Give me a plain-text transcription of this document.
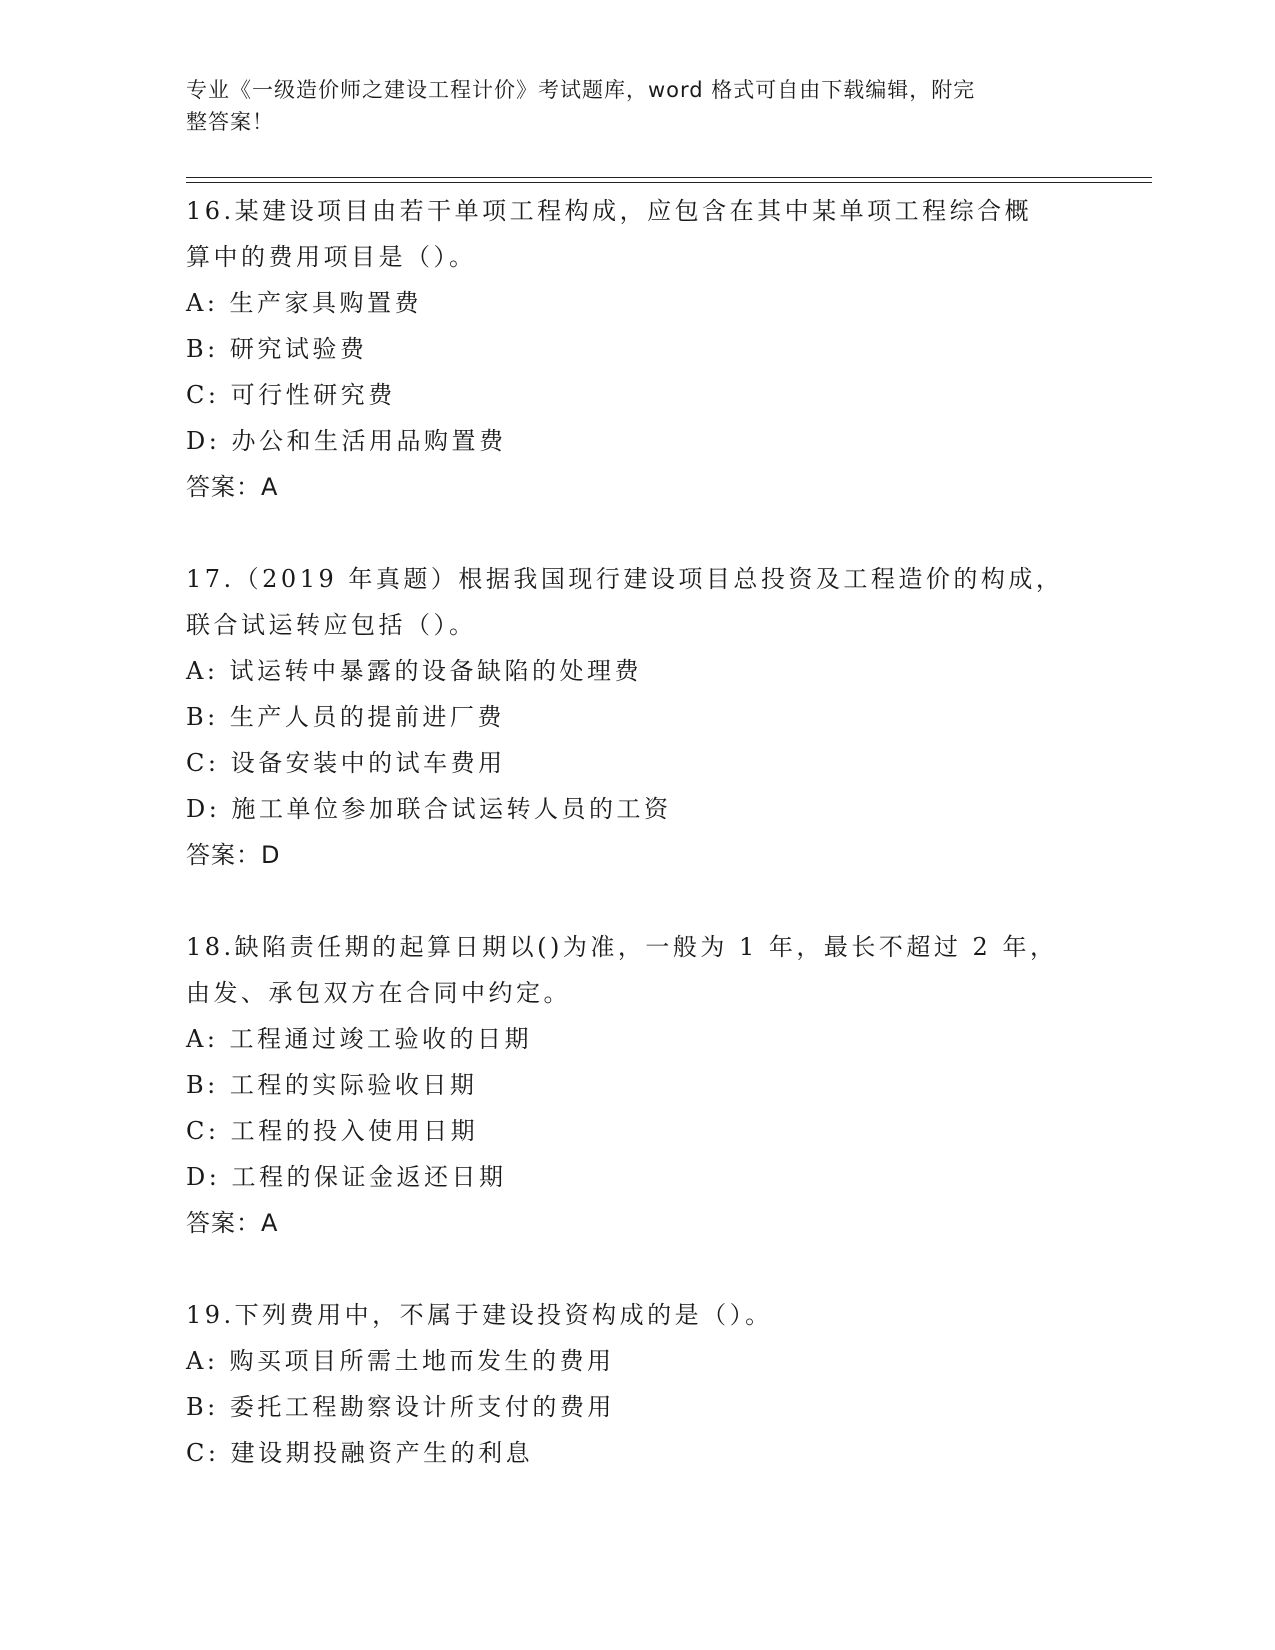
专业《一级造价师之建设工程计价》考试题库，word 格式可自由下载编辑，附完
整答案！
16.某建设项目由若干单项工程构成，应包含在其中某单项工程综合概
算中的费用项目是（）。
A: 生产家具购置费
B: 研究试验费
C: 可行性研究费
D: 办公和生活用品购置费
答案：A
17.（2019 年真题）根据我国现行建设项目总投资及工程造价的构成，
联合试运转应包括（）。
A: 试运转中暴露的设备缺陷的处理费
B: 生产人员的提前进厂费
C: 设备安装中的试车费用
D: 施工单位参加联合试运转人员的工资
答案：D
18.缺陷责任期的起算日期以()为准，一般为 1 年，最长不超过 2 年，
由发、承包双方在合同中约定。
A: 工程通过竣工验收的日期
B: 工程的实际验收日期
C: 工程的投入使用日期
D: 工程的保证金返还日期
答案：A
19.下列费用中，不属于建设投资构成的是（）。
A: 购买项目所需土地而发生的费用
B: 委托工程勘察设计所支付的费用
C: 建设期投融资产生的利息
